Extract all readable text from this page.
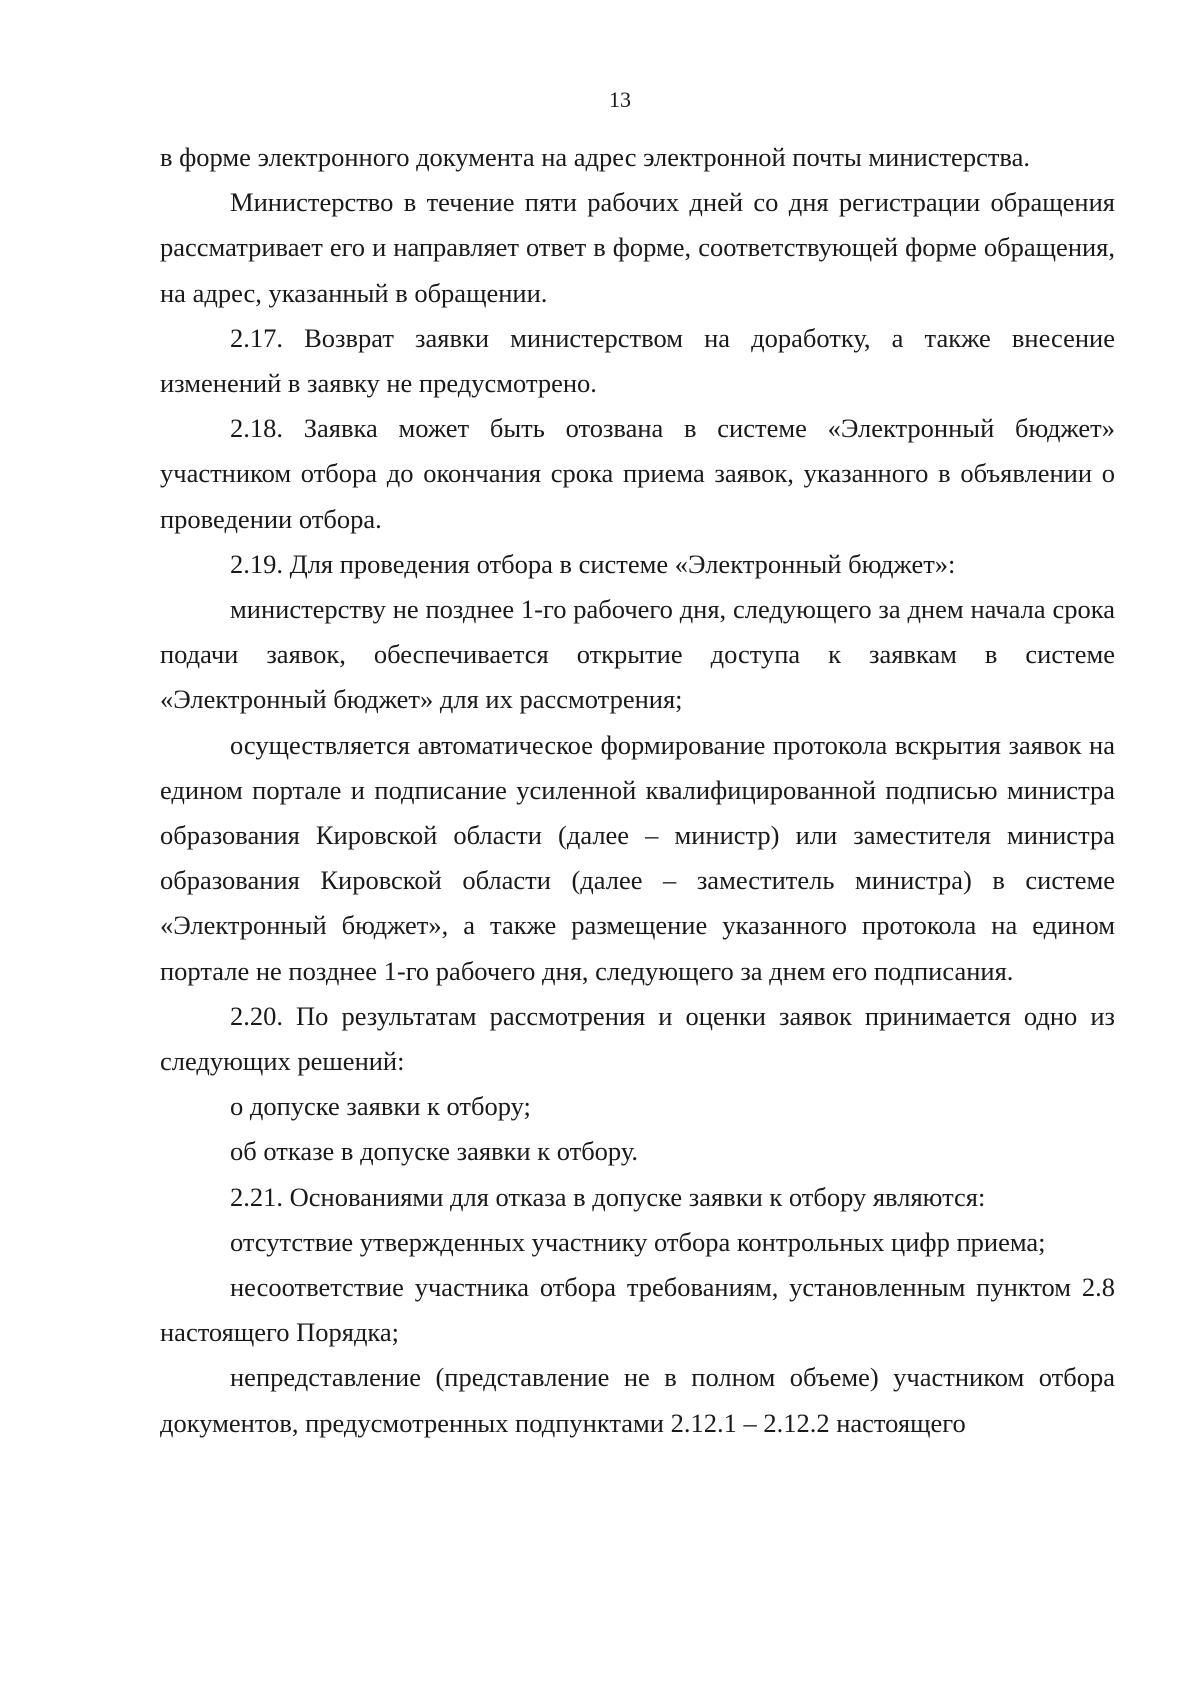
13

в форме электронного документа на адрес электронной почты министерства.

Министерство в течение пяти рабочих дней со дня регистрации обращения рассматривает его и направляет ответ в форме, соответствующей форме обращения, на адрес, указанный в обращении.

2.17. Возврат заявки министерством на доработку, а также внесение изменений в заявку не предусмотрено.

2.18. Заявка может быть отозвана в системе «Электронный бюджет» участником отбора до окончания срока приема заявок, указанного в объявлении о проведении отбора.

2.19. Для проведения отбора в системе «Электронный бюджет»:

министерству не позднее 1-го рабочего дня, следующего за днем начала срока подачи заявок, обеспечивается открытие доступа к заявкам в системе «Электронный бюджет» для их рассмотрения;

осуществляется автоматическое формирование протокола вскрытия заявок на едином портале и подписание усиленной квалифицированной подписью министра образования Кировской области (далее – министр) или заместителя министра образования Кировской области (далее – заместитель министра) в системе «Электронный бюджет», а также размещение указанного протокола на едином портале не позднее 1-го рабочего дня, следующего за днем его подписания.

2.20. По результатам рассмотрения и оценки заявок принимается одно из следующих решений:

о допуске заявки к отбору;

об отказе в допуске заявки к отбору.

2.21. Основаниями для отказа в допуске заявки к отбору являются:

отсутствие утвержденных участнику отбора контрольных цифр приема;

несоответствие участника отбора требованиям, установленным пунктом 2.8 настоящего Порядка;

непредставление (представление не в полном объеме) участником отбора документов, предусмотренных подпунктами 2.12.1 – 2.12.2 настоящего
